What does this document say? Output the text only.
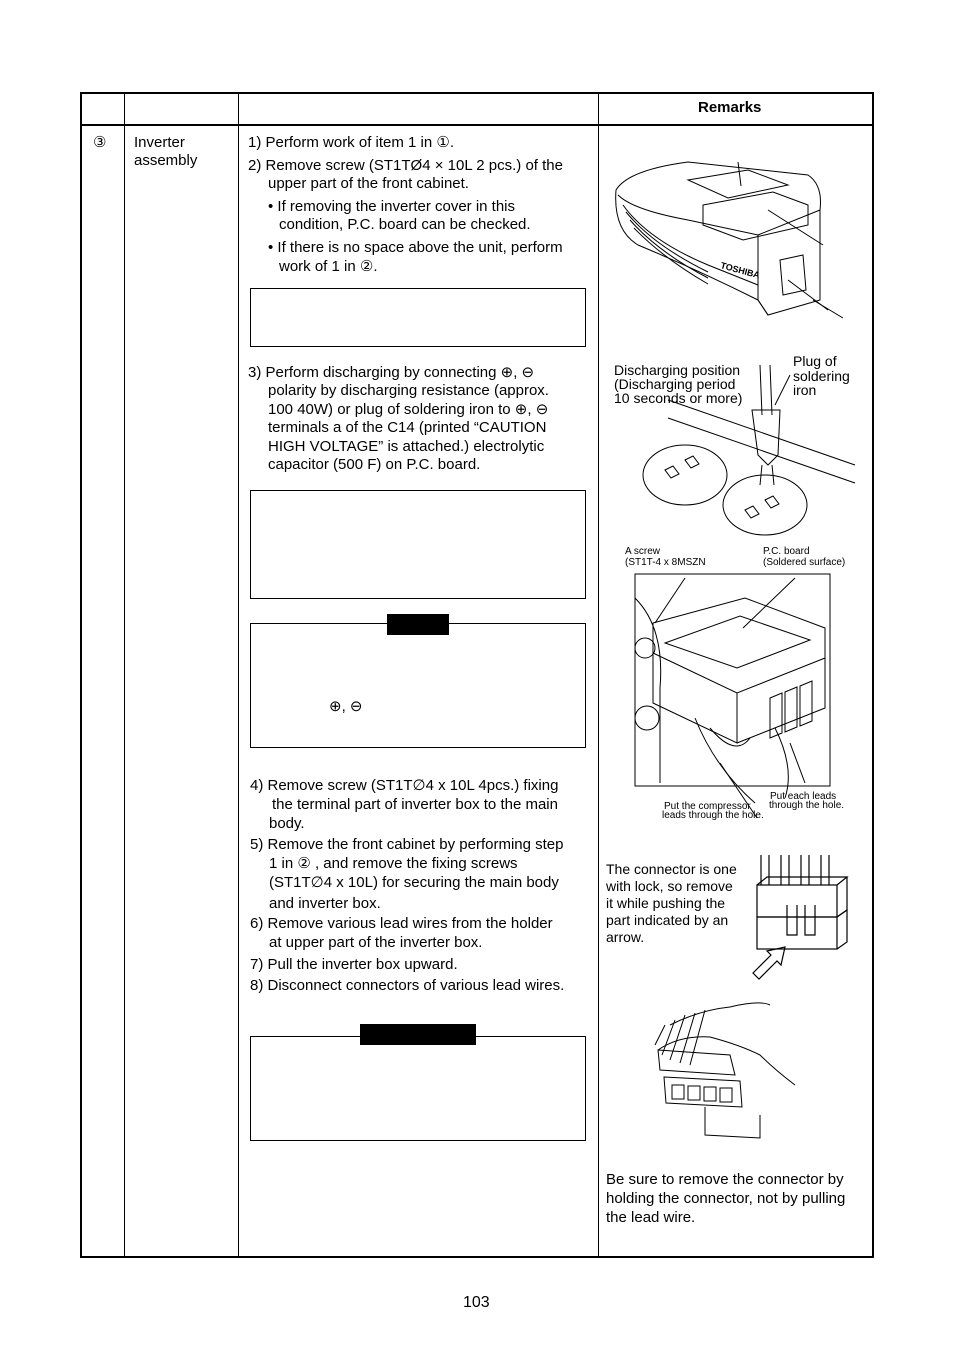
Remarks
③ Inverter
assembly
1) Perform work of item 1 in ①.
2) Remove screw (ST1TØ4 × 10L 2 pcs.) of the
upper part of the front cabinet.
• If removing the inverter cover in this
condition, P.C. board can be checked.
• If there is no space above the unit, perform
work of 1 in ②.
3) Perform discharging by connecting ⊕, ⊖
polarity by discharging resistance (approx.
100 40W) or plug of soldering iron to ⊕, ⊖
terminals a of the C14 (printed “CAUTION
HIGH VOLTAGE” is attached.) electrolytic
capacitor (500 F) on P.C. board.
⊕, ⊖
4) Remove screw (ST1T∅4 x 10L 4pcs.) fixing
the terminal part of inverter box to the main
body.
5) Remove the front cabinet by performing step
1 in ② , and remove the fixing screws
(ST1T∅4 x 10L) for securing the main body
and inverter box.
6) Remove various lead wires from the holder
at upper part of the inverter box.
7) Pull the inverter box upward.
8) Disconnect connectors of various lead wires.
TOSHIBA
Discharging position
(Discharging period
10 seconds or more)
Plug of
soldering
iron
A screw
(ST1T-4 x 8MSZN
P.C. board
(Soldered surface)
Put the compressor
leads through the hole.
Put each leads
through the hole.
The connector is one
with lock, so remove
it while pushing the
part indicated by an
arrow.
Be sure to remove the connector by
holding the connector, not by pulling
the lead wire.
103
